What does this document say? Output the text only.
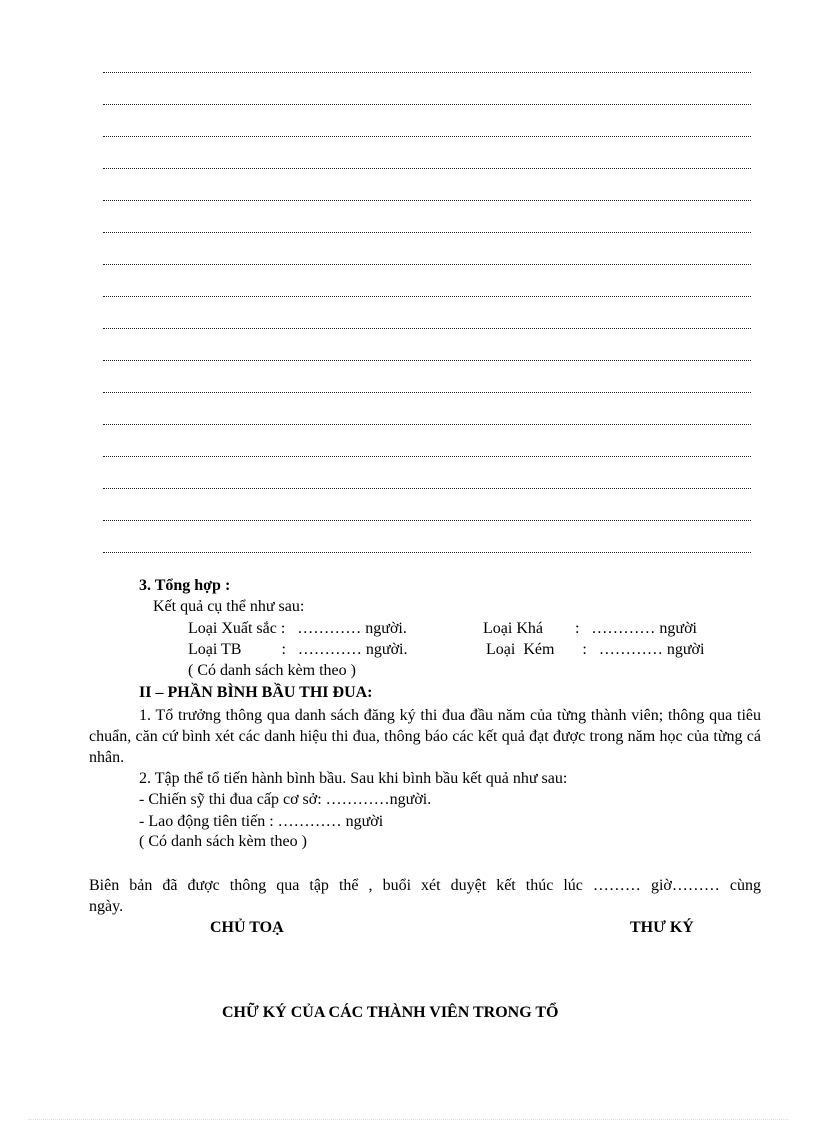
3. Tổng hợp :
Kết quả cụ thể như sau:
Loại Xuất sắc :   ………… người.	Loại Khá        :   ………… người
Loại TB          :   ………… người.	Loại  Kém       :   ………… người
( Có danh sách kèm theo )
II – PHẦN BÌNH BẦU THI ĐUA:
1. Tổ trưởng thông qua danh sách đăng ký thi đua đầu năm của từng thành viên; thông qua tiêu chuẩn, căn cứ bình xét các danh hiệu thi đua, thông báo các kết quả đạt được trong năm học của từng cá nhân.
2. Tập thể tổ tiến hành bình bầu. Sau khi bình bầu kết quả như sau:
- Chiến sỹ thi đua cấp cơ sở: …………người.
- Lao động tiên tiến : ………… người
( Có danh sách kèm theo )
Biên bản đã được thông qua tập thể , buổi xét duyệt kết thúc lúc ……… giờ……… cùng ngày.
CHỦ TOẠ	THƯ KÝ
CHỮ KÝ CỦA CÁC THÀNH VIÊN TRONG TỔ
